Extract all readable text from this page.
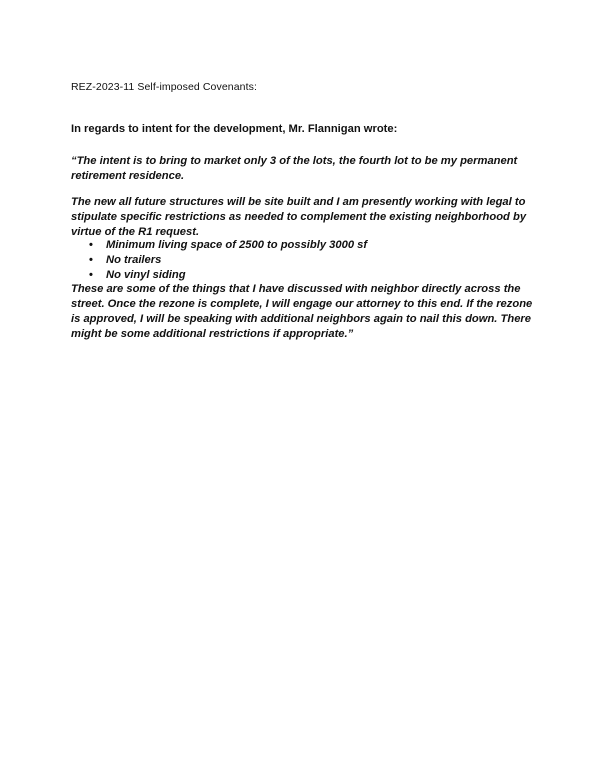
REZ-2023-11 Self-imposed Covenants:
In regards to intent for the development, Mr. Flannigan wrote:

“The intent is to bring to market only 3 of the lots, the fourth lot to be my permanent retirement residence.

The new all future structures will be site built and I am presently working with legal to stipulate specific restrictions as needed to complement the existing neighborhood by virtue of the R1 request.

• Minimum living space of 2500 to possibly 3000 sf
• No trailers
• No vinyl siding

These are some of the things that I have discussed with neighbor directly across the street. Once the rezone is complete, I will engage our attorney to this end. If the rezone is approved, I will be speaking with additional neighbors again to nail this down. There might be some additional restrictions if appropriate.”
